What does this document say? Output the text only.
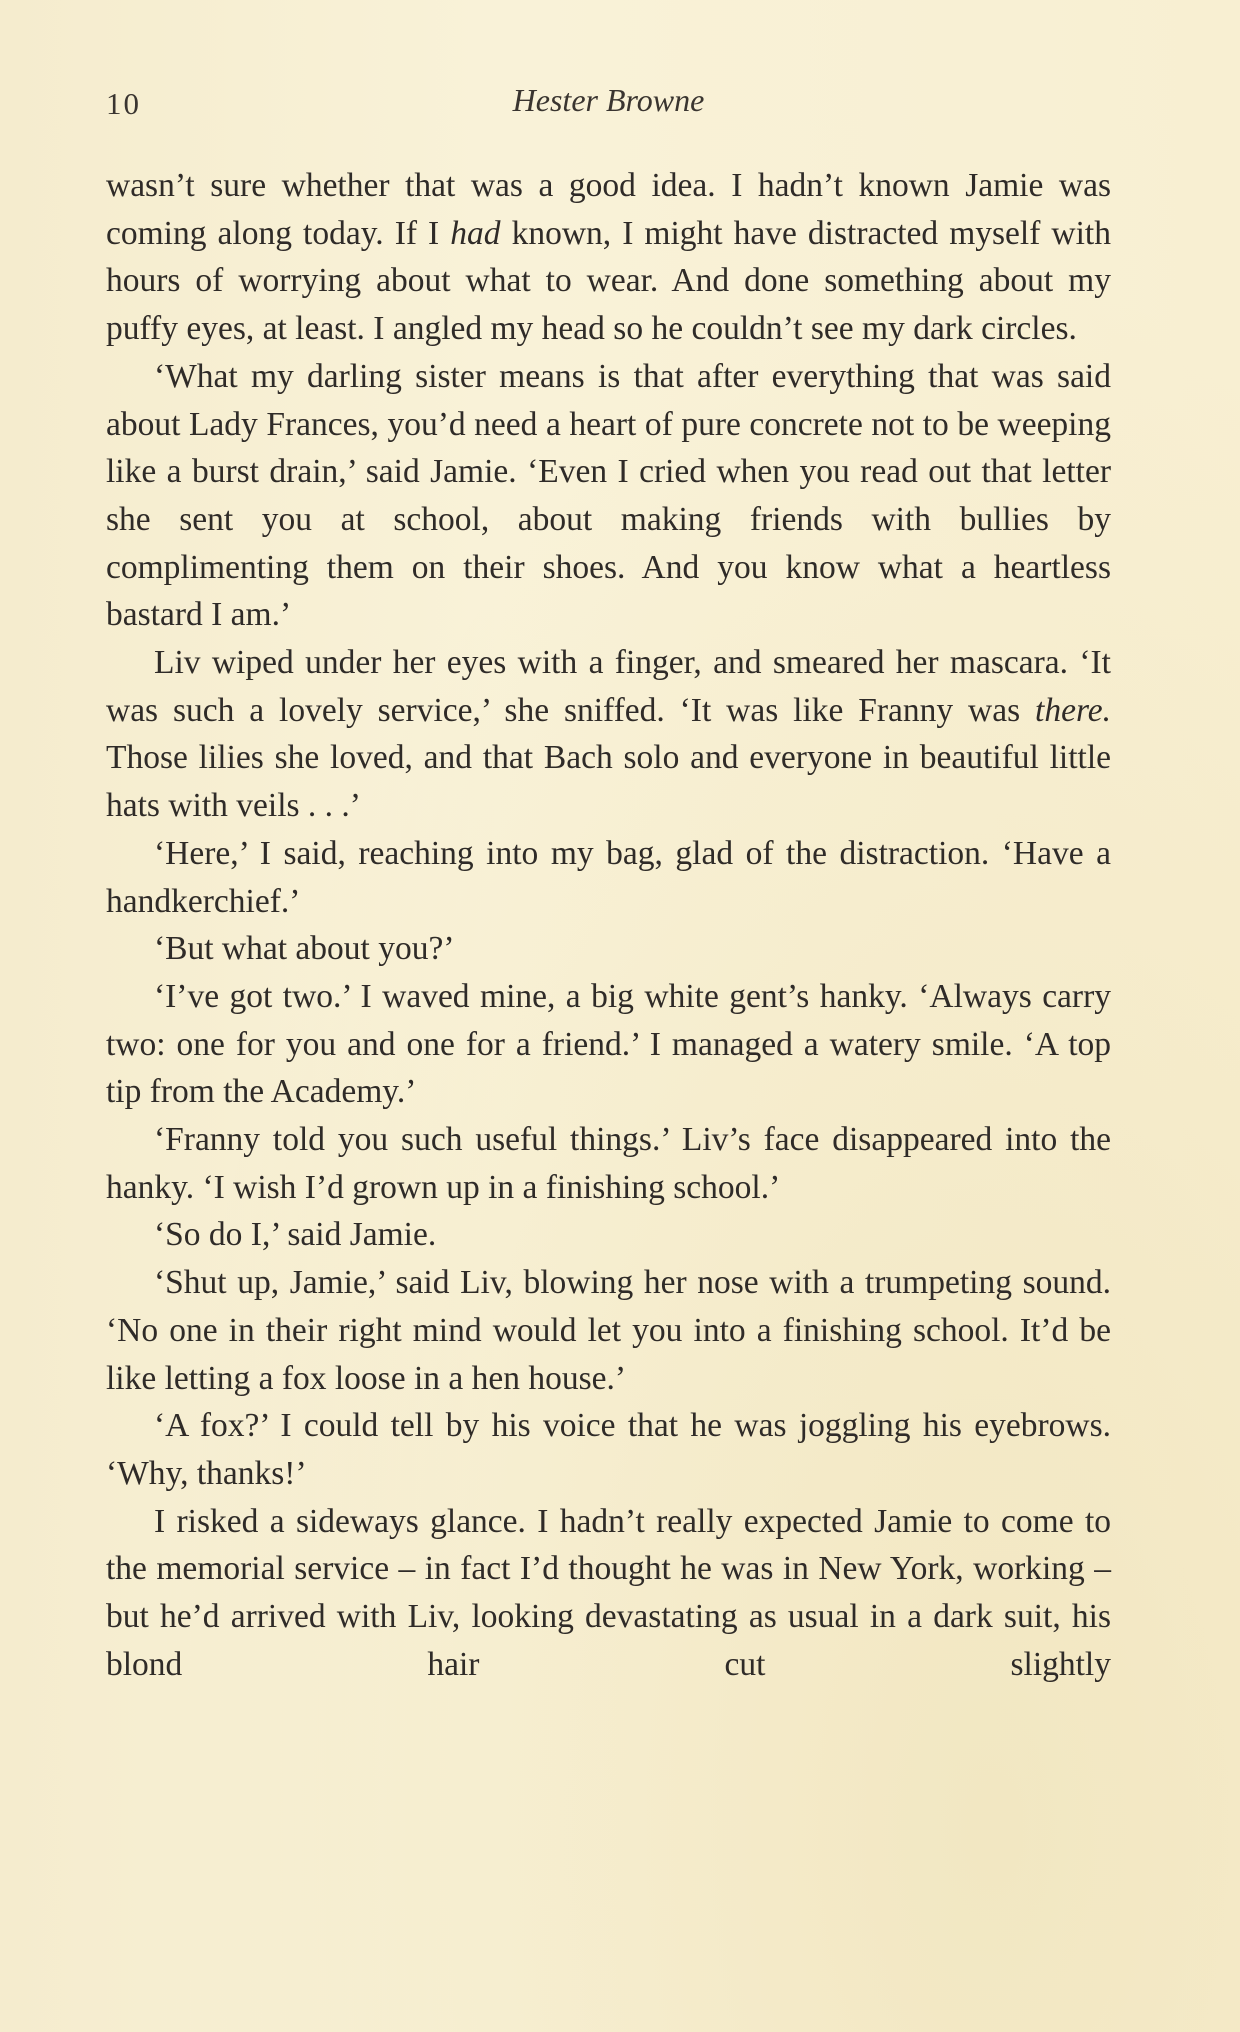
10	Hester Browne

wasn’t sure whether that was a good idea. I hadn’t known Jamie was coming along today. If I had known, I might have distracted myself with hours of worrying about what to wear. And done something about my puffy eyes, at least. I angled my head so he couldn’t see my dark circles.

‘What my darling sister means is that after everything that was said about Lady Frances, you’d need a heart of pure concrete not to be weeping like a burst drain,’ said Jamie. ‘Even I cried when you read out that letter she sent you at school, about making friends with bullies by complimenting them on their shoes. And you know what a heartless bastard I am.’

Liv wiped under her eyes with a finger, and smeared her mascara. ‘It was such a lovely service,’ she sniffed. ‘It was like Franny was there. Those lilies she loved, and that Bach solo and everyone in beautiful little hats with veils . . .’

‘Here,’ I said, reaching into my bag, glad of the distraction. ‘Have a handkerchief.’

‘But what about you?’

‘I’ve got two.’ I waved mine, a big white gent’s hanky. ‘Always carry two: one for you and one for a friend.’ I managed a watery smile. ‘A top tip from the Academy.’

‘Franny told you such useful things.’ Liv’s face disappeared into the hanky. ‘I wish I’d grown up in a finishing school.’

‘So do I,’ said Jamie.

‘Shut up, Jamie,’ said Liv, blowing her nose with a trumpeting sound. ‘No one in their right mind would let you into a finishing school. It’d be like letting a fox loose in a hen house.’

‘A fox?’ I could tell by his voice that he was joggling his eyebrows. ‘Why, thanks!’

I risked a sideways glance. I hadn’t really expected Jamie to come to the memorial service – in fact I’d thought he was in New York, working – but he’d arrived with Liv, looking devastating as usual in a dark suit, his blond hair cut slightly
